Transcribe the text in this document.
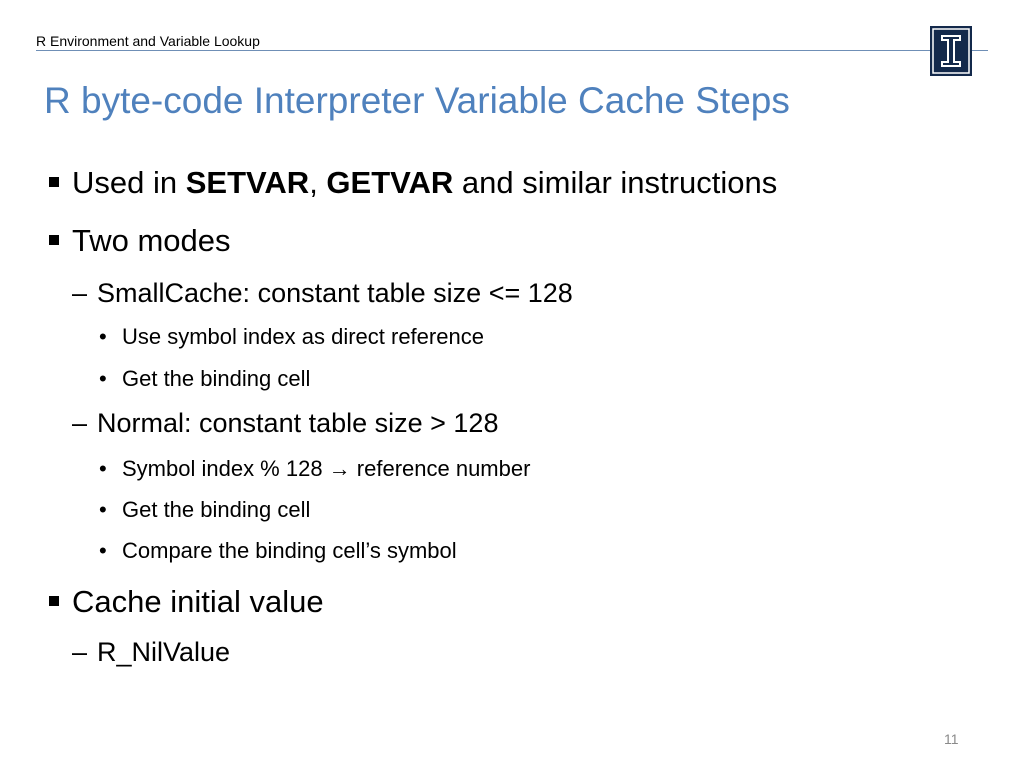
R Environment and Variable Lookup
R byte-code Interpreter Variable Cache Steps
Used in SETVAR, GETVAR and similar instructions
Two modes
– SmallCache: constant table size <= 128
• Use symbol index as direct reference
• Get the binding cell
– Normal: constant table size > 128
• Symbol index % 128 → reference number
• Get the binding cell
• Compare the binding cell’s symbol
Cache initial value
– R_NilValue
11
